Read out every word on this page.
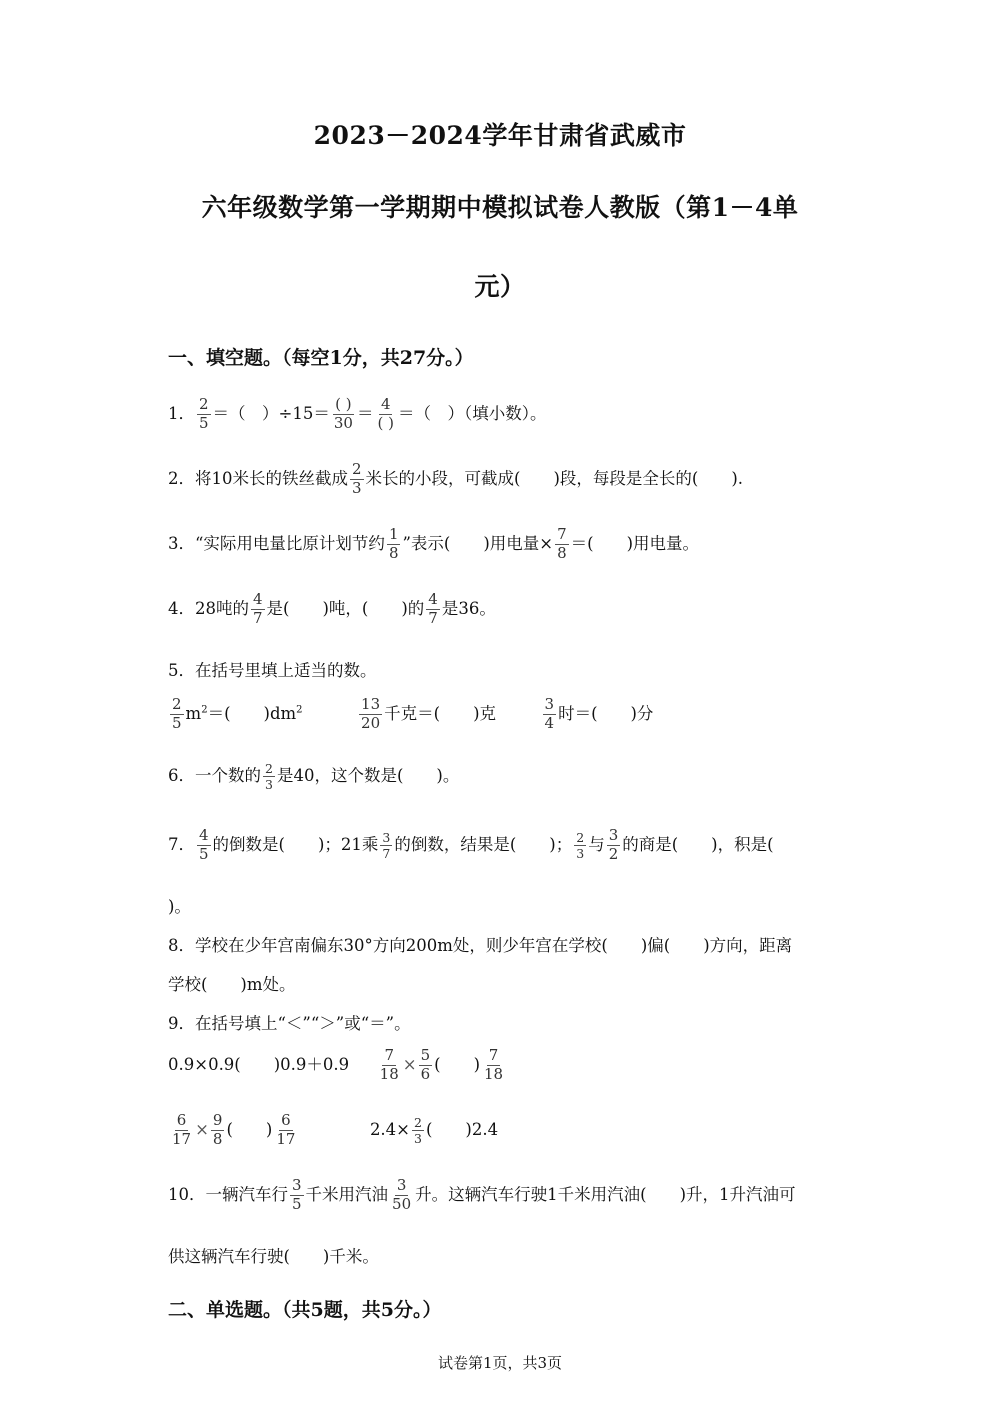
2023－2024学年甘肃省武威市
六年级数学第一学期期中模拟试卷人教版（第1－4单
元）
一、填空题。（每空1分，共27分。）
1． $\frac{2}{5}$ ＝（　）$\div 15= \frac{( )}{30} = \frac{4}{( )}$ ＝（　）（填小数）。
2．将10米长的铁丝截成 $\frac{2}{3}$ 米长的小段，可截成(　　)段，每段是全长的(　　).
3．“实际用电量比原计划节约 $\frac{1}{8}$ ”表示(　　)用电量× $\frac{7}{8}$ ＝(　　)用电量。
4．28吨的 $\frac{4}{7}$ 是(　　)吨，(　　)的 $\frac{4}{7}$ 是36。
5．在括号里填上适当的数。
$\frac{2}{5} m^2=$(　　)$dm^2$	$\frac{13}{20}$ 千克＝(　　)克	$\frac{3}{4}$ 时＝(　　)分
6．一个数的 $\frac{2}{3}$ 是40，这个数是(　　)。
7． $\frac{4}{5}$ 的倒数是(　　)；21乘 $\frac{3}{7}$ 的倒数，结果是(　　)； $\frac{2}{3}$ 与 $\frac{3}{2}$ 的商是(　　)，积是(
)。
8．学校在少年宫南偏东30°方向200m处，则少年宫在学校(　　)偏(　　)方向，距离
学校(　　)m处。
9．在括号填上“＜”“＞”或“＝”。
0.9×0.9(　　)$0.9+0.9 \frac{7}{18} \times \frac{5}{6}$ (　　) $\frac{7}{18}$
$\frac{6}{17} \times \frac{9}{8}$ (　　) $\frac{6}{17}$	$2.4\times \frac{2}{3}$ (　　)2.4
10．一辆汽车行 $\frac{3}{5}$ 千米用汽油 $\frac{3}{50}$ 升。这辆汽车行驶1千米用汽油(　　)升，1升汽油可
供这辆汽车行驶(　　)千米。
二、单选题。（共5题，共5分。）
试卷第1页，共3页
